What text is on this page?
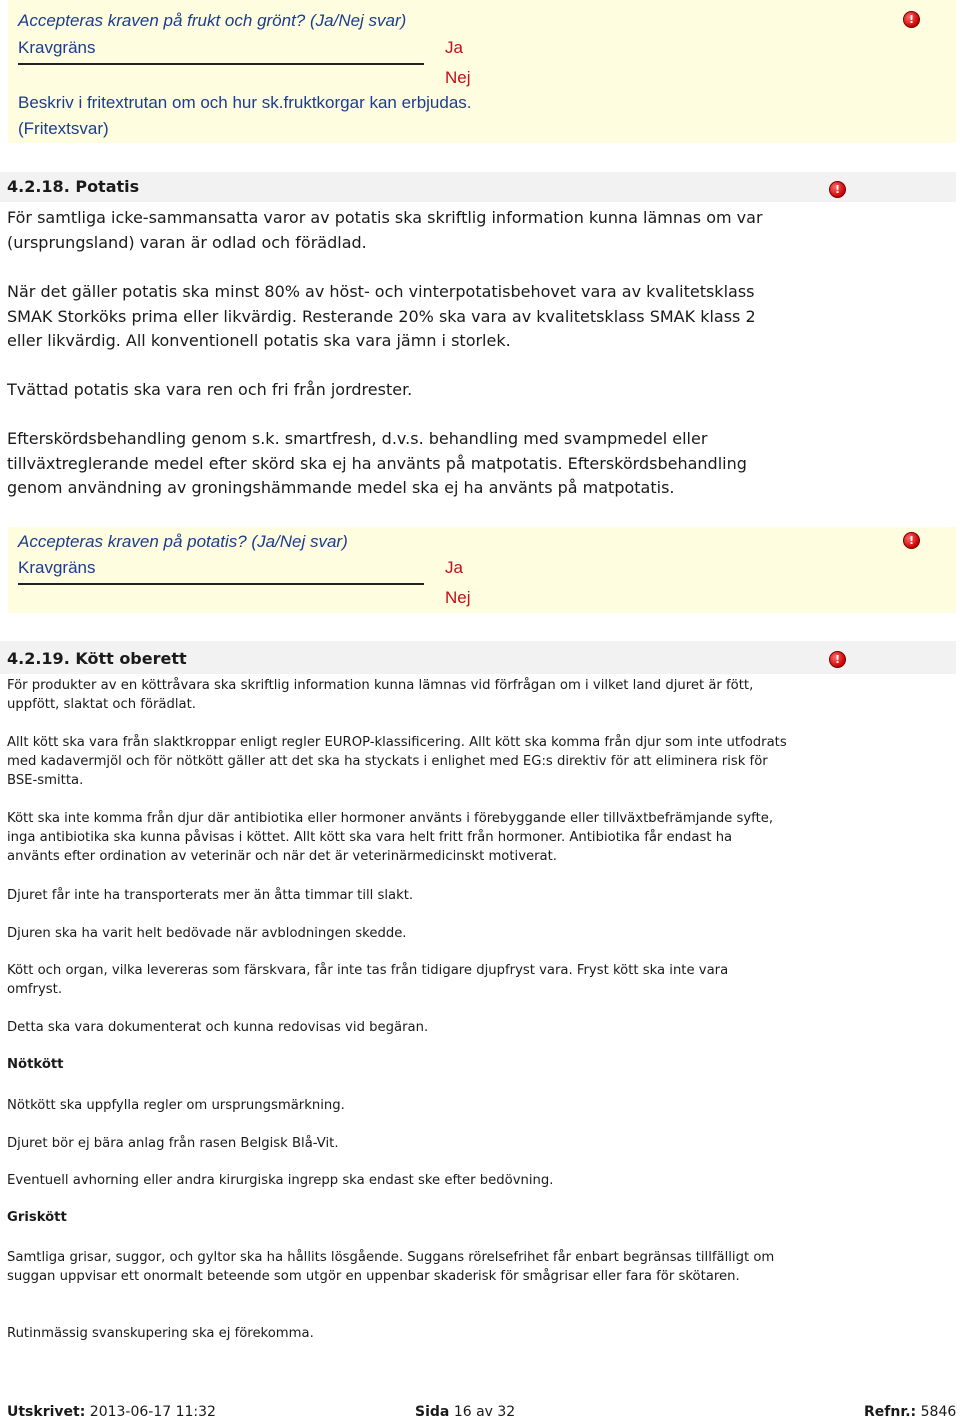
Accepteras kraven på frukt och grönt? (Ja/Nej svar)
Kravgräns	Ja
Nej
Beskriv i fritextrutan om och hur sk.fruktkorgar kan erbjudas.
(Fritextsvar)
!
4.2.18. Potatis	!

För samtliga icke-sammansatta varor av potatis ska skriftlig information kunna lämnas om var (ursprungsland) varan är odlad och förädlad.

När det gäller potatis ska minst 80% av höst- och vinterpotatisbehovet vara av kvalitetsklass SMAK Storköks prima eller likvärdig. Resterande 20% ska vara av kvalitetsklass SMAK klass 2 eller likvärdig. All konventionell potatis ska vara jämn i storlek.

Tvättad potatis ska vara ren och fri från jordrester.

Efterskördsbehandling genom s.k. smartfresh, d.v.s. behandling med svampmedel eller tillväxtreglerande medel efter skörd ska ej ha använts på matpotatis. Efterskördsbehandling genom användning av groningshämmande medel ska ej ha använts på matpotatis.

Accepteras kraven på potatis? (Ja/Nej svar)
Kravgräns	Ja
Nej
!
4.2.19. Kött oberett	!

För produkter av en köttråvara ska skriftlig information kunna lämnas vid förfrågan om i vilket land djuret är fött, uppfött, slaktat och förädlat.

Allt kött ska vara från slaktkroppar enligt regler EUROP-klassificering. Allt kött ska komma från djur som inte utfodrats med kadavermjöl och för nötkött gäller att det ska ha styckats i enlighet med EG:s direktiv för att eliminera risk för BSE-smitta.

Kött ska inte komma från djur där antibiotika eller hormoner använts i förebyggande eller tillväxtbefrämjande syfte, inga antibiotika ska kunna påvisas i köttet. Allt kött ska vara helt fritt från hormoner. Antibiotika får endast ha använts efter ordination av veterinär och när det är veterinärmedicinskt motiverat.

Djuret får inte ha transporterats mer än åtta timmar till slakt.

Djuren ska ha varit helt bedövade när avblodningen skedde.

Kött och organ, vilka levereras som färskvara, får inte tas från tidigare djupfryst vara. Fryst kött ska inte vara omfryst.

Detta ska vara dokumenterat och kunna redovisas vid begäran.

Nötkött

Nötkött ska uppfylla regler om ursprungsmärkning.

Djuret bör ej bära anlag från rasen Belgisk Blå-Vit.

Eventuell avhorning eller andra kirurgiska ingrepp ska endast ske efter bedövning.

Griskött

Samtliga grisar, suggor, och gyltor ska ha hållits lösgående. Suggans rörelsefrihet får enbart begränsas tillfälligt om suggan uppvisar ett onormalt beteende som utgör en uppenbar skaderisk för smågrisar eller fara för skötaren.

Rutinmässig svanskupering ska ej förekomma.

Utskrivet: 2013-06-17 11:32	Sida 16 av 32	Refnr.: 5846
